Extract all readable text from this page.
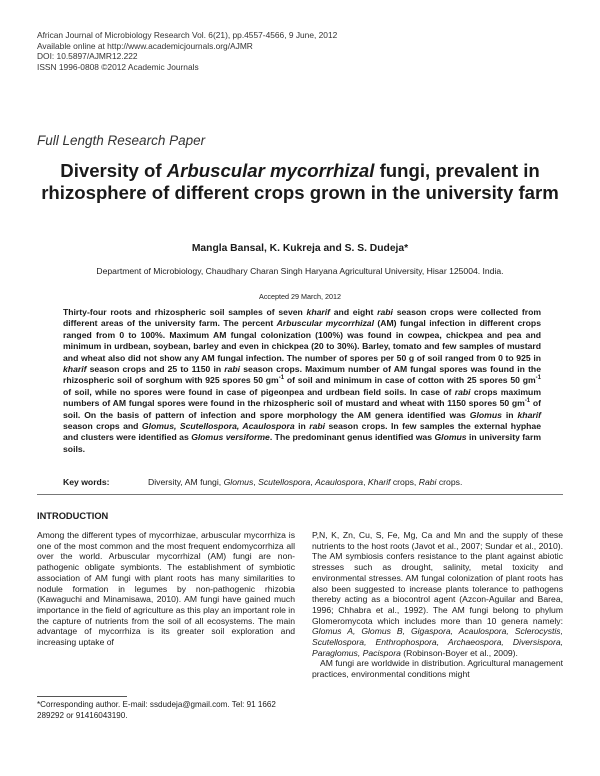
African Journal of Microbiology Research Vol. 6(21), pp.4557-4566, 9 June, 2012
Available online at http://www.academicjournals.org/AJMR
DOI: 10.5897/AJMR12.222
ISSN 1996-0808 ©2012 Academic Journals
Full Length Research Paper
Diversity of Arbuscular mycorrhizal fungi, prevalent in rhizosphere of different crops grown in the university farm
Mangla Bansal, K. Kukreja and S. S. Dudeja*
Department of Microbiology, Chaudhary Charan Singh Haryana Agricultural University, Hisar 125004. India.
Accepted 29 March, 2012
Thirty-four roots and rhizospheric soil samples of seven kharif and eight rabi season crops were collected from different areas of the university farm. The percent Arbuscular mycorrhizal (AM) fungal infection in different crops ranged from 0 to 100%. Maximum AM fungal colonization (100%) was found in cowpea, chickpea and pea and minimum in urdbean, soybean, barley and even in chickpea (20 to 30%). Barley, tomato and few samples of mustard and wheat also did not show any AM fungal infection. The number of spores per 50 g of soil ranged from 0 to 925 in kharif season crops and 25 to 1150 in rabi season crops. Maximum number of AM fungal spores was found in the rhizospheric soil of sorghum with 925 spores 50 $gm^{-1}$ of soil and minimum in case of cotton with 25 spores 50 $gm^{-1}$ of soil, while no spores were found in case of pigeonpea and urdbean field soils. In case of rabi crops maximum numbers of AM fungal spores were found in the rhizospheric soil of mustard and wheat with 1150 spores 50 $gm^{-1}$ of soil. On the basis of pattern of infection and spore morphology the AM genera identified was Glomus in kharif season crops and Glomus, Scutellospora, Acaulospora in rabi season crops. In few samples the external hyphae and clusters were identified as Glomus versiforme. The predominant genus identified was Glomus in university farm soils.
Key words:	Diversity, AM fungi, Glomus, Scutellospora, Acaulospora, Kharif crops, Rabi crops.
INTRODUCTION

Among the different types of mycorrhizae, arbuscular mycorrhiza is one of the most common and the most frequent endomycorrhiza all over the world. Arbuscular mycorrhizal (AM) fungi are non-pathogenic obligate symbionts. The establishment of symbiotic association of AM fungi with plant roots has many similarities to nodule formation in legumes by non-pathogenic rhizobia (Kawaguchi and Minamisawa, 2010). AM fungi have gained much importance in the field of agriculture as this play an important role in the capture of nutrients from the soil of all ecosystems. The main advantage of mycorrhiza is its greater soil exploration and increasing uptake of

P,N, K, Zn, Cu, S, Fe, Mg, Ca and Mn and the supply of these nutrients to the host roots (Javot et al., 2007; Sundar et al., 2010). The AM symbiosis confers resistance to the plant against abiotic stresses such as drought, salinity, metal toxicity and environmental stresses. AM fungal colonization of plant roots has also been suggested to increase plants tolerance to pathogens thereby acting as a biocontrol agent (Azcon-Aguilar and Barea, 1996; Chhabra et al., 1992). The AM fungi belong to phylum Glomeromycota which includes more than 10 genera namely: Glomus A, Glomus B, Gigaspora, Acaulospora, Sclerocystis, Scutellospora, Enthrophospora, Archaeospora, Diversispora, Paraglomus, Pacispora (Robinson-Boyer et al., 2009).

AM fungi are worldwide in distribution. Agricultural management practices, environmental conditions might

*Corresponding author. E-mail: ssdudeja@gmail.com. Tel: 91 1662 289292 or 91416043190.
